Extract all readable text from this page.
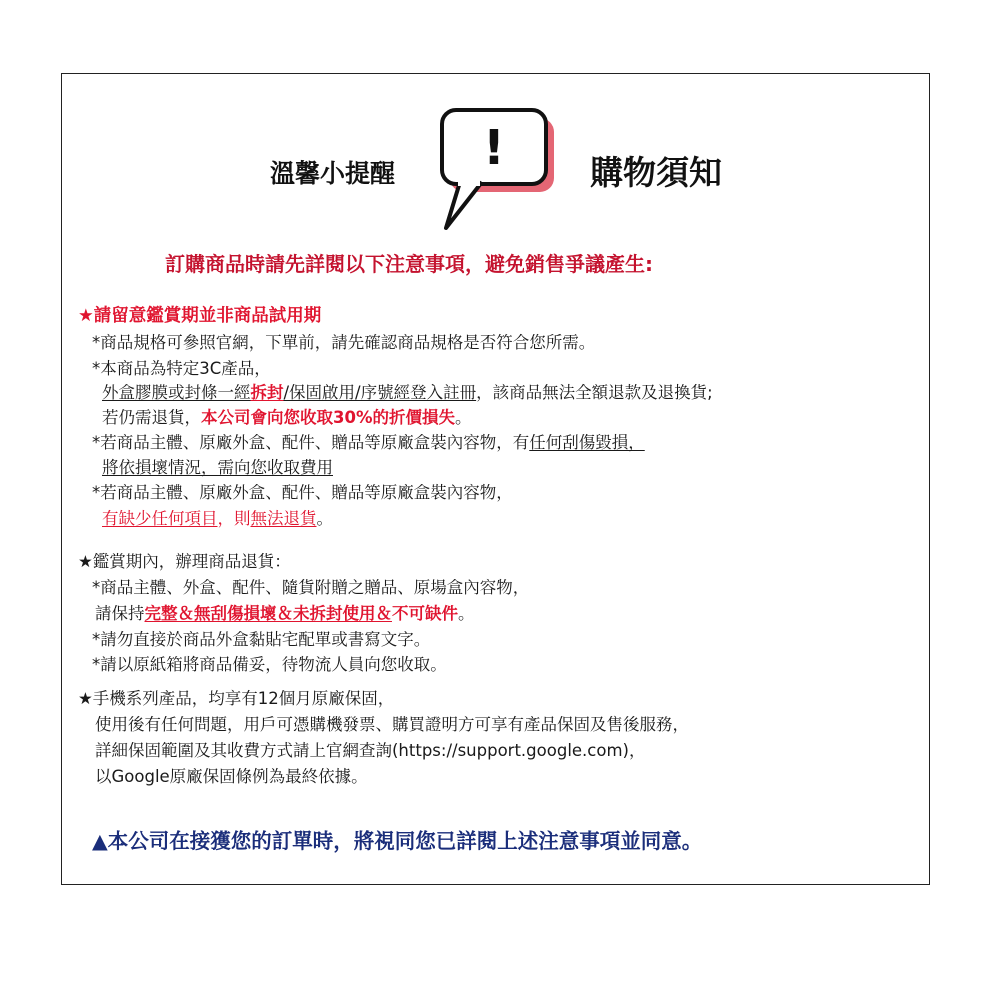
溫馨小提醒 !	購物須知
訂購商品時請先詳閱以下注意事項，避免銷售爭議產生:
★請留意鑑賞期並非商品試用期
*商品規格可參照官網，下單前，請先確認商品規格是否符合您所需。
*本商品為特定3C產品，
外盒膠膜或封條一經拆封/保固啟用/序號經登入註冊，該商品無法全額退款及退換貨;
若仍需退貨，本公司會向您收取30%的折價損失。
*若商品主體、原廠外盒、配件、贈品等原廠盒裝內容物，有任何刮傷毀損，
將依損壞情況，需向您收取費用
*若商品主體、原廠外盒、配件、贈品等原廠盒裝內容物，
有缺少任何項目，則無法退貨。
★鑑賞期內，辦理商品退貨：
*商品主體、外盒、配件、隨貨附贈之贈品、原場盒內容物，
請保持完整＆無刮傷損壞＆未拆封使用＆不可缺件。
*請勿直接於商品外盒黏貼宅配單或書寫文字。
*請以原紙箱將商品備妥，待物流人員向您收取。
★手機系列產品，均享有12個月原廠保固，
使用後有任何問題，用戶可憑購機發票、購買證明方可享有產品保固及售後服務，
詳細保固範圍及其收費方式請上官網查詢(https://support.google.com)，
以Google原廠保固條例為最終依據。
▲本公司在接獲您的訂單時，將視同您已詳閱上述注意事項並同意。
